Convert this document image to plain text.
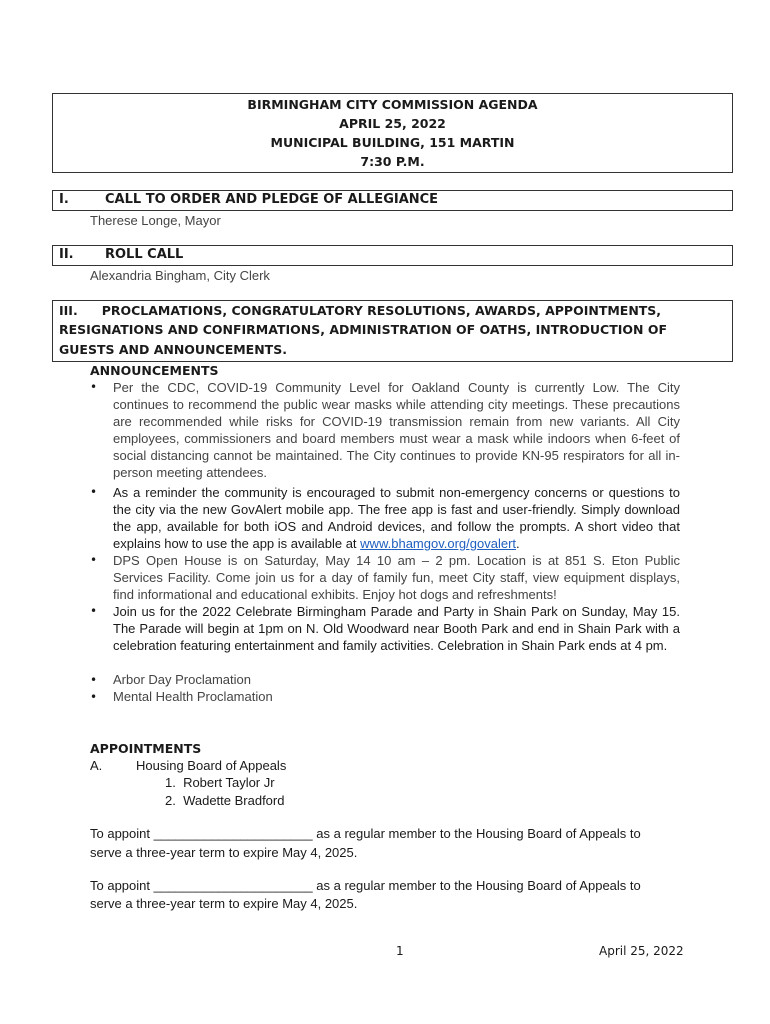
BIRMINGHAM CITY COMMISSION AGENDA
APRIL 25, 2022
MUNICIPAL BUILDING, 151 MARTIN
7:30 P.M.
I.	CALL TO ORDER AND PLEDGE OF ALLEGIANCE
Therese Longe, Mayor
II. ROLL CALL
Alexandria Bingham, City Clerk
III. PROCLAMATIONS, CONGRATULATORY RESOLUTIONS, AWARDS, APPOINTMENTS,
RESIGNATIONS AND CONFIRMATIONS, ADMINISTRATION OF OATHS, INTRODUCTION OF
GUESTS AND ANNOUNCEMENTS.
ANNOUNCEMENTS
• Per the CDC, COVID-19 Community Level for Oakland County is currently Low. The City continues to recommend the public wear masks while attending city meetings. These precautions are recommended while risks for COVID-19 transmission remain from new variants. All City employees, commissioners and board members must wear a mask while indoors when 6-feet of social distancing cannot be maintained. The City continues to provide KN-95 respirators for all in-person meeting attendees.
• As a reminder the community is encouraged to submit non-emergency concerns or questions to the city via the new GovAlert mobile app. The free app is fast and user-friendly. Simply download the app, available for both iOS and Android devices, and follow the prompts. A short video that explains how to use the app is available at www.bhamgov.org/govalert.
• DPS Open House is on Saturday, May 14 10 am – 2 pm. Location is at 851 S. Eton Public Services Facility. Come join us for a day of family fun, meet City staff, view equipment displays, find informational and educational exhibits. Enjoy hot dogs and refreshments!
• Join us for the 2022 Celebrate Birmingham Parade and Party in Shain Park on Sunday, May 15. The Parade will begin at 1pm on N. Old Woodward near Booth Park and end in Shain Park with a celebration featuring entertainment and family activities. Celebration in Shain Park ends at 4 pm.
• Arbor Day Proclamation
• Mental Health Proclamation
APPOINTMENTS
A.	Housing Board of Appeals
1.  Robert Taylor Jr
2.  Wadette Bradford
To appoint ______________________ as a regular member to the Housing Board of Appeals to
serve a three-year term to expire May 4, 2025.
To appoint ______________________ as a regular member to the Housing Board of Appeals to
serve a three-year term to expire May 4, 2025.
1	April 25, 2022
